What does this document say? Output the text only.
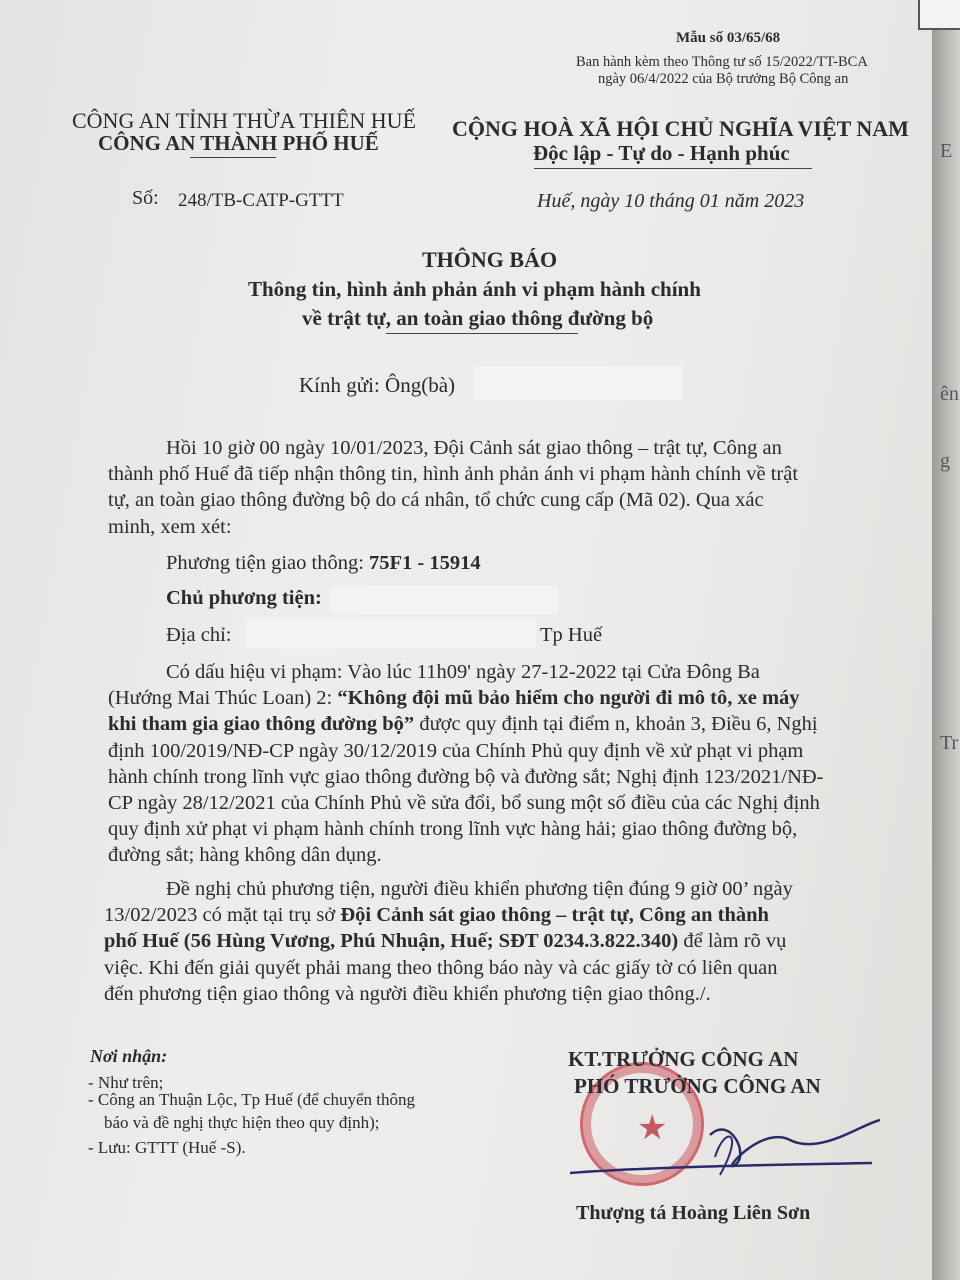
Mẫu số 03/65/68
Ban hành kèm theo Thông tư số 15/2022/TT-BCA
ngày 06/4/2022 của Bộ trưởng Bộ Công an
CÔNG AN TỈNH THỪA THIÊN HUẾ
CÔNG AN THÀNH PHỐ HUẾ
Số: 248/TB-CATP-GTTT
CỘNG HOÀ XÃ HỘI CHỦ NGHĨA VIỆT NAM
Độc lập - Tự do - Hạnh phúc
Huế, ngày 10 tháng 01 năm 2023
THÔNG BÁO
Thông tin, hình ảnh phản ánh vi phạm hành chính
về trật tự, an toàn giao thông đường bộ
Kính gửi: Ông(bà)
Hồi 10 giờ 00 ngày 10/01/2023, Đội Cảnh sát giao thông – trật tự, Công an
thành phố Huế đã tiếp nhận thông tin, hình ảnh phản ánh vi phạm hành chính về trật
tự, an toàn giao thông đường bộ do cá nhân, tổ chức cung cấp (Mã 02). Qua xác
minh, xem xét:
Phương tiện giao thông: 75F1 - 15914
Chủ phương tiện:
Địa chỉ:	Tp Huế
Có dấu hiệu vi phạm: Vào lúc 11h09' ngày 27-12-2022 tại Cửa Đông Ba
(Hướng Mai Thúc Loan) 2: “Không đội mũ bảo hiểm cho người đi mô tô, xe máy
khi tham gia giao thông đường bộ” được quy định tại điểm n, khoản 3, Điều 6, Nghị
định 100/2019/NĐ-CP ngày 30/12/2019 của Chính Phủ quy định về xử phạt vi phạm
hành chính trong lĩnh vực giao thông đường bộ và đường sắt; Nghị định 123/2021/NĐ-
CP ngày 28/12/2021 của Chính Phủ về sửa đổi, bổ sung một số điều của các Nghị định
quy định xử phạt vi phạm hành chính trong lĩnh vực hàng hải; giao thông đường bộ,
đường sắt; hàng không dân dụng.
Đề nghị chủ phương tiện, người điều khiển phương tiện đúng 9 giờ 00’ ngày
13/02/2023 có mặt tại trụ sở Đội Cảnh sát giao thông – trật tự, Công an thành
phố Huế (56 Hùng Vương, Phú Nhuận, Huế; SĐT 0234.3.822.340) để làm rõ vụ
việc. Khi đến giải quyết phải mang theo thông báo này và các giấy tờ có liên quan
đến phương tiện giao thông và người điều khiển phương tiện giao thông./.
Nơi nhận:
- Như trên;
- Công an Thuận Lộc, Tp Huế (để chuyển thông
báo và đề nghị thực hiện theo quy định);
- Lưu: GTTT (Huế -S).
★
KT.TRƯỞNG CÔNG AN
PHÓ TRƯỞNG CÔNG AN
Thượng tá Hoàng Liên Sơn
E
ên
g
Tr
